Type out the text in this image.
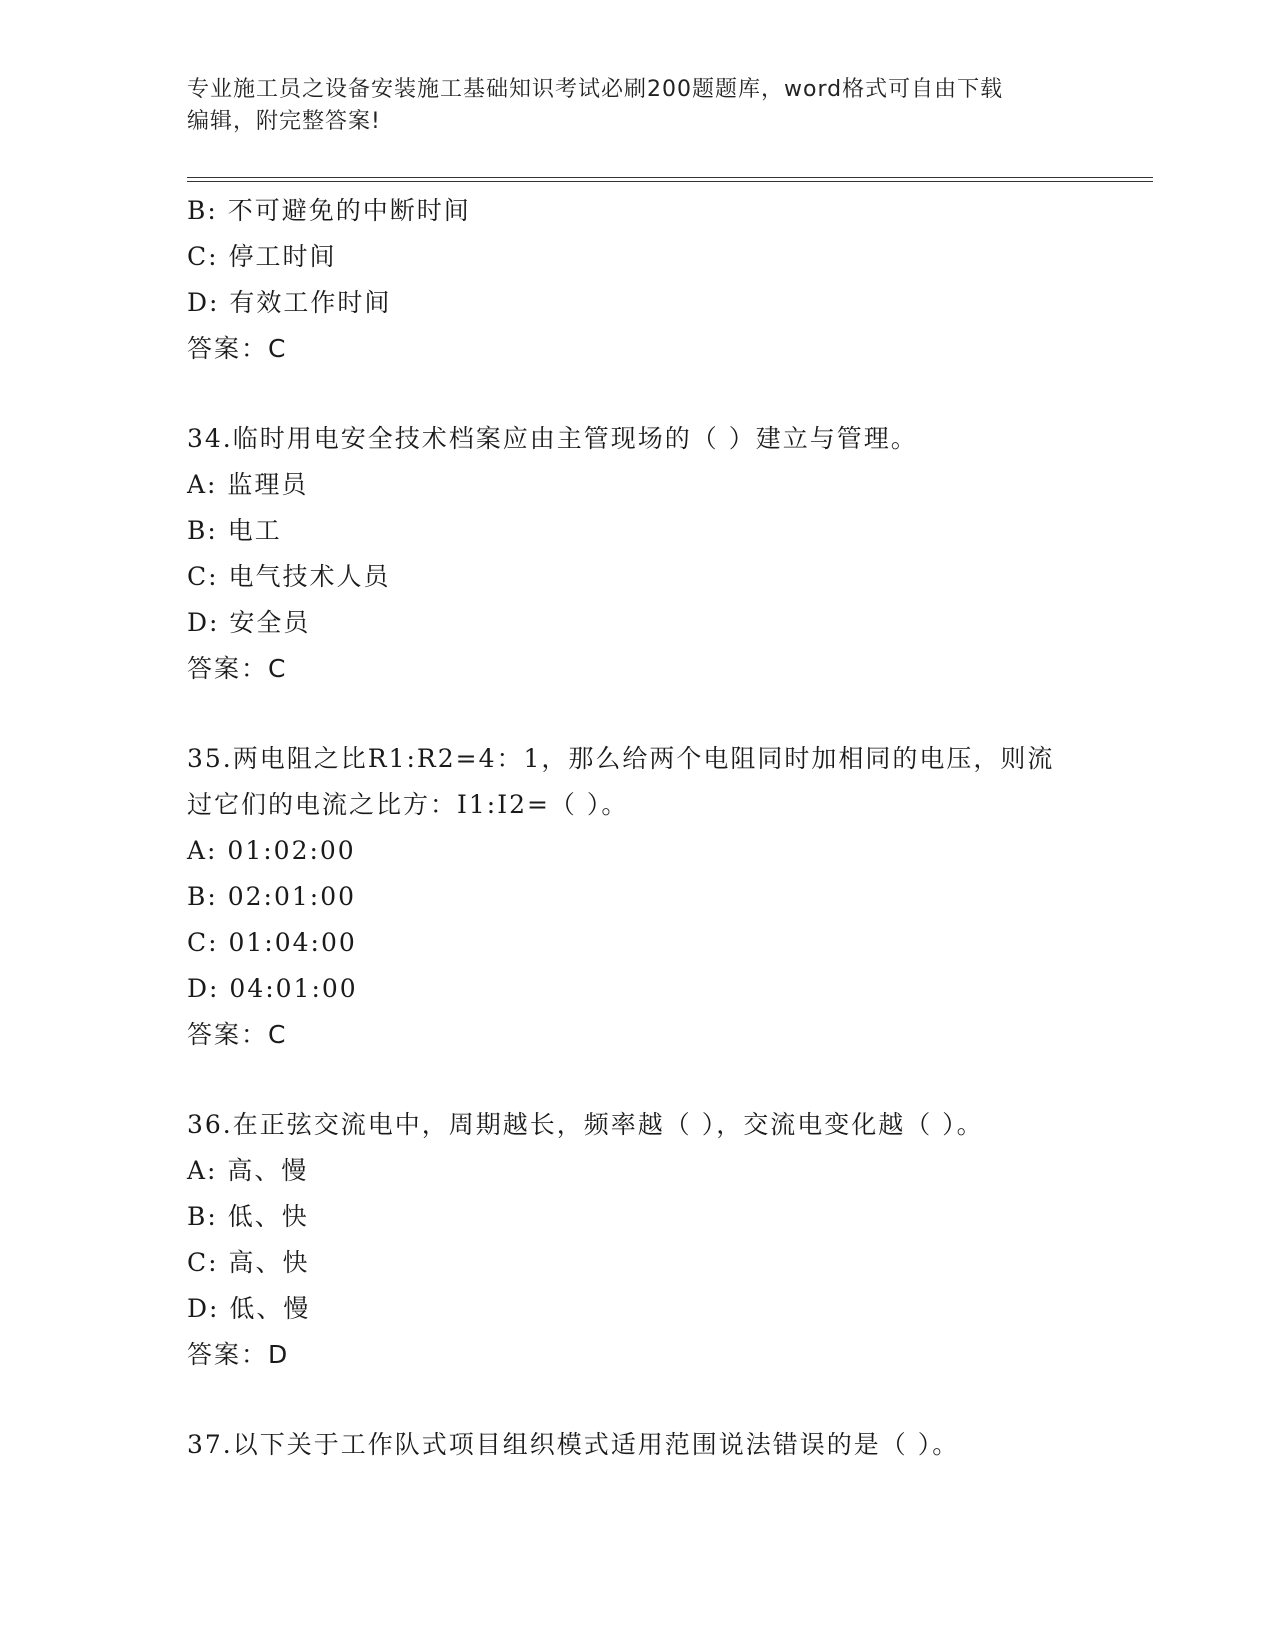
专业施工员之设备安装施工基础知识考试必刷200题题库，word格式可自由下载
编辑，附完整答案!
B: 不可避免的中断时间
C: 停工时间
D: 有效工作时间
答案：C
34.临时用电安全技术档案应由主管现场的（ ）建立与管理。
A: 监理员
B: 电工
C: 电气技术人员
D: 安全员
答案：C
35.两电阻之比R1:R2=4：1，那么给两个电阻同时加相同的电压，则流
过它们的电流之比方：I1:I2=（ ）。
A: 01:02:00
B: 02:01:00
C: 01:04:00
D: 04:01:00
答案：C
36.在正弦交流电中，周期越长，频率越（ ），交流电变化越（ ）。
A: 高、慢
B: 低、快
C: 高、快
D: 低、慢
答案：D
37.以下关于工作队式项目组织模式适用范围说法错误的是（ ）。
